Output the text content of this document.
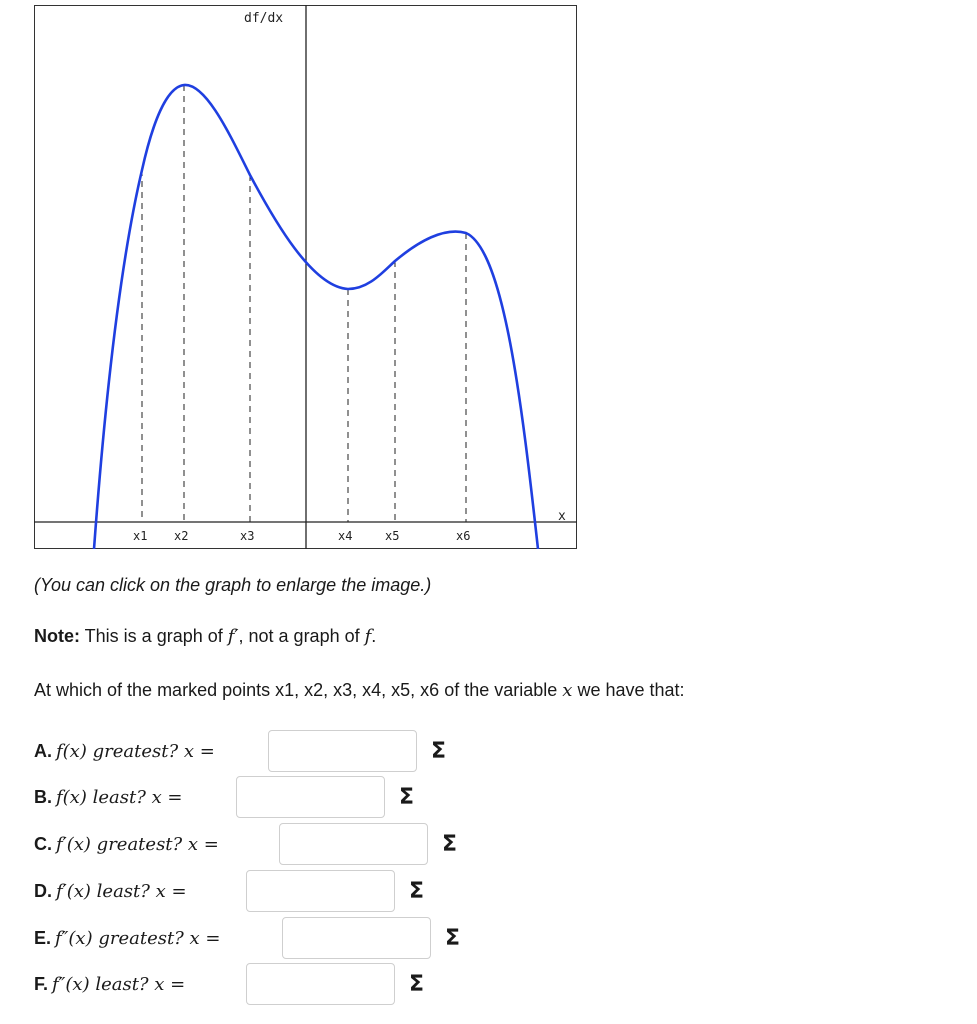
df/dx
x
x1 x2	x3	x4	x5	x6
(You can click on the graph to enlarge the image.)
Note: This is a graph of f′, not a graph of f.
At which of the marked points x1, x2, x3, x4, x5, x6 of the variable x we have that:
A. f(x) greatest? x =	Σ
B. f(x) least? x =	Σ
C. f′(x) greatest? x =	Σ
D. f′(x) least? x =	Σ
E. f″(x) greatest? x =	Σ
F. f″(x) least? x =	Σ
